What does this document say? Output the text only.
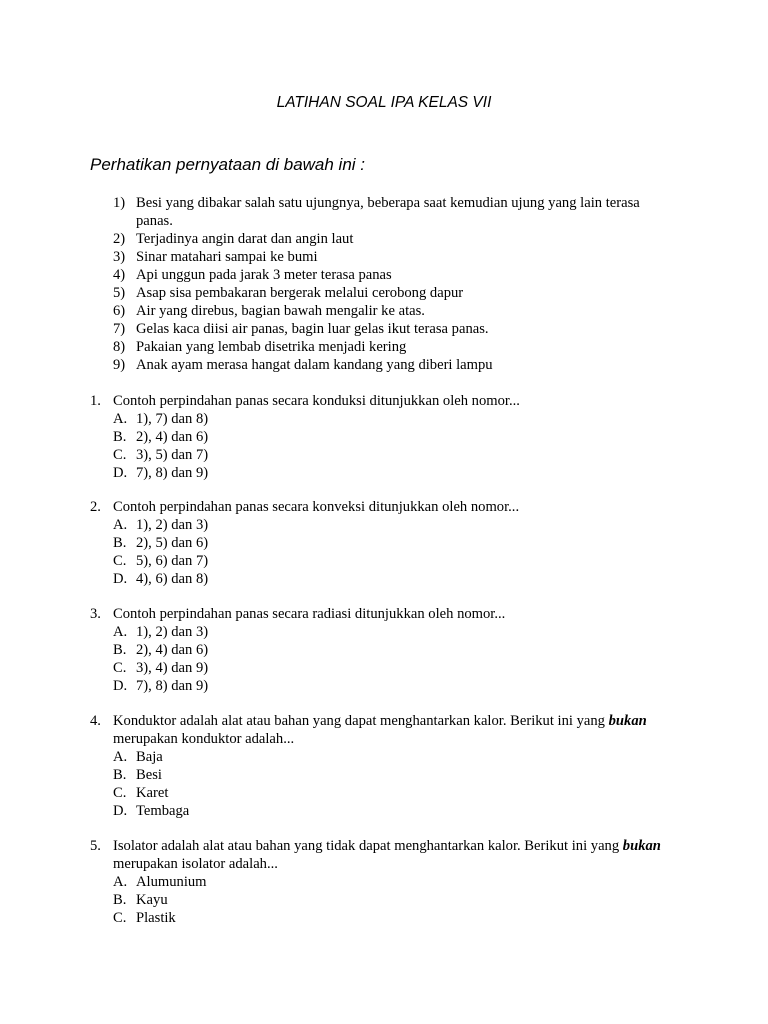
LATIHAN SOAL IPA KELAS VII
Perhatikan pernyataan di bawah ini :
1) Besi yang dibakar salah satu ujungnya, beberapa saat kemudian ujung yang lain terasa panas.
2) Terjadinya angin darat dan angin laut
3) Sinar matahari sampai ke bumi
4) Api unggun pada jarak 3 meter terasa panas
5) Asap sisa pembakaran bergerak melalui cerobong dapur
6) Air yang direbus, bagian bawah mengalir ke atas.
7) Gelas kaca diisi air panas, bagin luar gelas ikut terasa panas.
8) Pakaian yang lembab disetrika menjadi kering
9) Anak ayam merasa hangat dalam kandang yang diberi lampu
1. Contoh perpindahan panas secara konduksi ditunjukkan oleh nomor...
A. 1), 7) dan 8)
B. 2), 4) dan 6)
C. 3), 5) dan 7)
D. 7), 8) dan 9)
2. Contoh perpindahan panas secara konveksi ditunjukkan oleh nomor...
A. 1), 2) dan 3)
B. 2), 5) dan 6)
C. 5), 6) dan 7)
D. 4), 6) dan 8)
3. Contoh perpindahan panas secara radiasi ditunjukkan oleh nomor...
A. 1), 2) dan 3)
B. 2), 4) dan 6)
C. 3), 4) dan 9)
D. 7), 8) dan 9)
4. Konduktor adalah alat atau bahan yang dapat menghantarkan kalor. Berikut ini yang bukan merupakan konduktor adalah...
A. Baja
B. Besi
C. Karet
D. Tembaga
5. Isolator adalah alat atau bahan yang tidak dapat menghantarkan kalor. Berikut ini yang bukan merupakan isolator adalah...
A. Alumunium
B. Kayu
C. Plastik
